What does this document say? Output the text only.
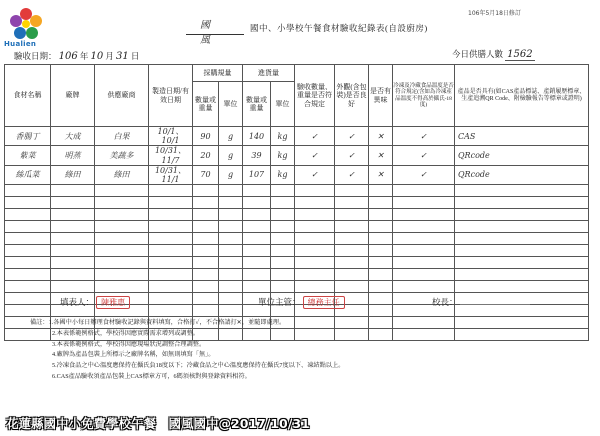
Hualien
106年5月18日修訂
國風
國中、小學校午餐食材驗收紀錄表(自設廚房)
驗收日期： 106 年 10 月 31 日	今日供膳人數 1562
食材名稱	廠牌	供應廠商	製造日期/有效日期	採購規量		進貨量		驗收數量、重量是否符合規定	外觀(含包裝)是否良好	是否有異味	冷凍及冷藏食品溫度是否符合規定(含如為冷凍產品溫度不得高於攝氏-18度)	產品是否具有(如CAS產品標誌、產銷履歷標章、生產追溯QR Code、附檢驗報告等標章或證明)
				數量或重量	單位	數量或重量	單位					
香腸丁	大成	白果	10/1、10/1	90	g	140	kg	✓	✓	✕	✓	CAS
紫菜	明蒸	美蔬多	10/31、11/7	20	g	39	kg	✓	✓	✕	✓	QRcode
絲瓜菜	綠田	綠田	10/31、11/1	70	g	107	kg	✓	✓	✕	✓	QRcode

填表人： 陳雅惠	單位主管： 總務主任	校長：
備註：1.各國中小每日辦理食材驗收記錄與資料填寫，合格打✓，不合格請打✕，並隨即處理。
2.本表係範例格式，學校得因應實際需求增列或調整。
3.本表係範例格式，學校得因應現場狀況調整合理調整。
4.廠牌為產品包裝上所標示之廠牌名稱，如無則填寫「無」。
5.冷凍食品之中心溫度應保持在攝氏負18度以下；冷藏食品之中心溫度應保持在攝氏7度以下、凍結點以上。
6.CAS產品驗收須產品包裝上CAS標章方可，6碼須核對與登錄資料相符。
花蓮縣國中小免費學校午餐　國風國中@2017/10/31
